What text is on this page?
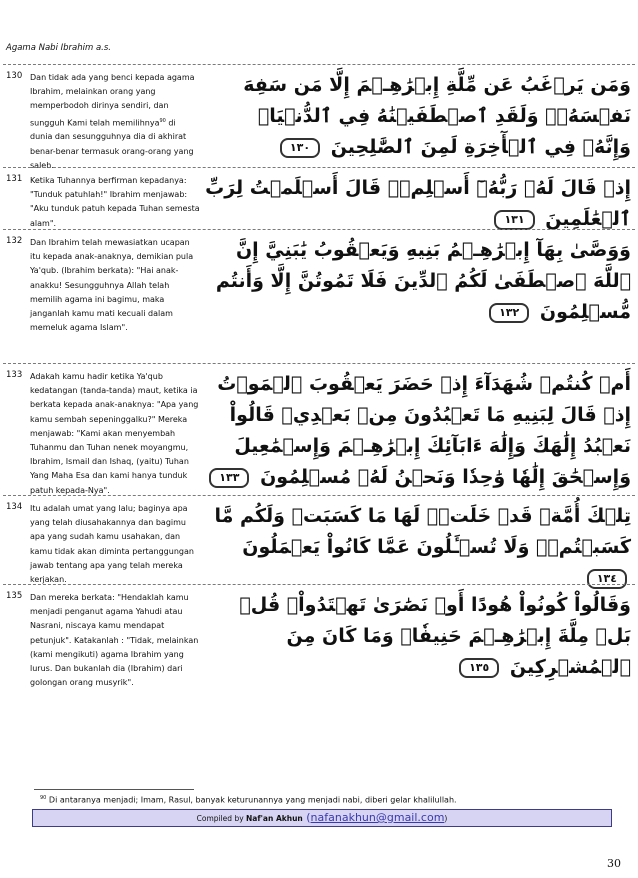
Agama Nabi Ibrahim a.s.
130 Dan tidak ada yang benci kepada agama Ibrahim, melainkan orang yang memperbodoh dirinya sendiri, dan sungguh Kami telah memilihnya$^{90}$ di dunia dan sesungguhnya dia di akhirat benar-benar termasuk orang-orang yang saleh.
وَمَن يَرۡغَبُ عَن مِّلَّةِ إِبۡرَٰهِـۧمَ إِلَّا مَن سَفِهَ نَفۡسَهُۥۚ وَلَقَدِ ٱصۡطَفَيۡنَٰهُ فِي ٱلدُّنۡيَاۖ وَإِنَّهُۥ فِي ٱلۡأٓخِرَةِ لَمِنَ ٱلصَّٰلِحِينَ ١٣٠
131 Ketika Tuhannya berfirman kepadanya: "Tunduk patuhlah!" Ibrahim menjawab: "Aku tunduk patuh kepada Tuhan semesta alam".
إِذۡ قَالَ لَهُۥ رَبُّهُۥٓ أَسۡلِمۡۖ قَالَ أَسۡلَمۡتُ لِرَبِّ ٱلۡعَٰلَمِينَ ١٣١
132 Dan Ibrahim telah mewasiatkan ucapan itu kepada anak-anaknya, demikian pula Ya'qub. (Ibrahim berkata): "Hai anak-anakku! Sesungguhnya Allah telah memilih agama ini bagimu, maka janganlah kamu mati kecuali dalam memeluk agama Islam".
وَوَصَّىٰ بِهَآ إِبۡرَٰهِـۧمُ بَنِيهِ وَيَعۡقُوبُ يَٰبَنِيَّ إِنَّ ٱللَّهَ ٱصۡطَفَىٰ لَكُمُ ٱلدِّينَ فَلَا تَمُوتُنَّ إِلَّا وَأَنتُم مُّسۡلِمُونَ ١٣٢
133 Adakah kamu hadir ketika Ya'qub kedatangan (tanda-tanda) maut, ketika ia berkata kepada anak-anaknya: "Apa yang kamu sembah sepeninggalku?" Mereka menjawab: "Kami akan menyembah Tuhanmu dan Tuhan nenek moyangmu, Ibrahim, Ismail dan Ishaq, (yaitu) Tuhan Yang Maha Esa dan kami hanya tunduk patuh kepada-Nya".
أَمۡ كُنتُمۡ شُهَدَآءَ إِذۡ حَضَرَ يَعۡقُوبَ ٱلۡمَوۡتُ إِذۡ قَالَ لِبَنِيهِ مَا تَعۡبُدُونَ مِنۢ بَعۡدِيۖ قَالُواْ نَعۡبُدُ إِلَٰهَكَ وَإِلَٰهَ ءَابَآئِكَ إِبۡرَٰهِـۧمَ وَإِسۡمَٰعِيلَ وَإِسۡحَٰقَ إِلَٰهٗا وَٰحِدٗا وَنَحۡنُ لَهُۥ مُسۡلِمُونَ ١٣٣
134 Itu adalah umat yang lalu; baginya apa yang telah diusahakannya dan bagimu apa yang sudah kamu usahakan, dan kamu tidak akan diminta pertanggungan jawab tentang apa yang telah mereka kerjakan.
تِلۡكَ أُمَّةٞ قَدۡ خَلَتۡۖ لَهَا مَا كَسَبَتۡ وَلَكُم مَّا كَسَبۡتُمۡۖ وَلَا تُسۡـَٔلُونَ عَمَّا كَانُواْ يَعۡمَلُونَ ١٣٤
135 Dan mereka berkata: "Hendaklah kamu menjadi penganut agama Yahudi atau Nasrani, niscaya kamu mendapat petunjuk". Katakanlah : "Tidak, melainkan (kami mengikuti) agama Ibrahim yang lurus. Dan bukanlah dia (Ibrahim) dari golongan orang musyrik".
وَقَالُواْ كُونُواْ هُودًا أَوۡ نَصَٰرَىٰ تَهۡتَدُواْۗ قُلۡ بَلۡ مِلَّةَ إِبۡرَٰهِـۧمَ حَنِيفٗاۖ وَمَا كَانَ مِنَ ٱلۡمُشۡرِكِينَ ١٣٥
$^{90}$ Di antaranya menjadi; Imam, Rasul, banyak keturunannya yang menjadi nabi, diberi gelar khalilullah.
Compiled by Naf'an Akhun (nafanakhun@gmail.com)
30
